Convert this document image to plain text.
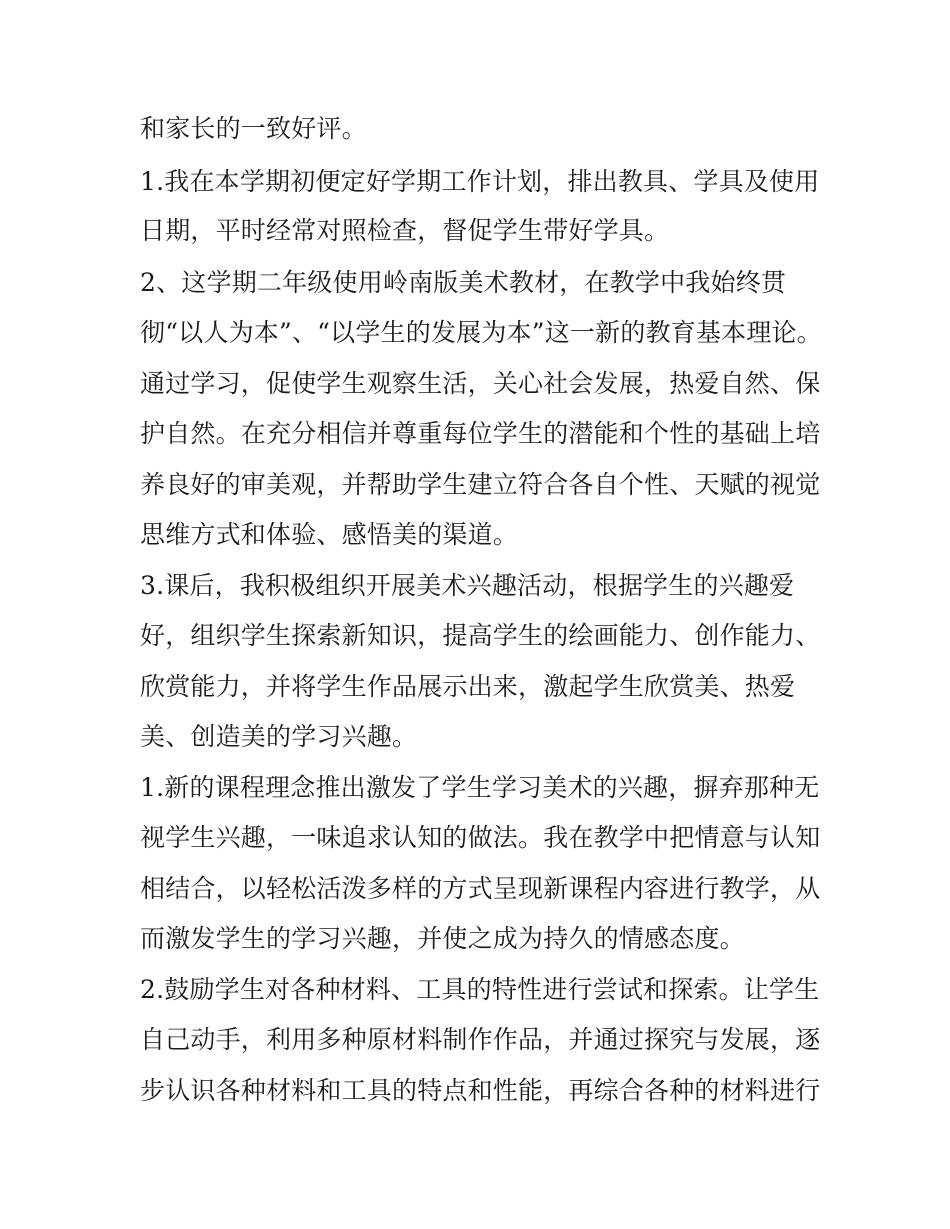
和家长的一致好评。
1.我在本学期初便定好学期工作计划，排出教具、学具及使用
日期，平时经常对照检查，督促学生带好学具。
2、这学期二年级使用岭南版美术教材，在教学中我始终贯
彻“以人为本”、“以学生的发展为本”这一新的教育基本理论。
通过学习，促使学生观察生活，关心社会发展，热爱自然、保
护自然。在充分相信并尊重每位学生的潜能和个性的基础上培
养良好的审美观，并帮助学生建立符合各自个性、天赋的视觉
思维方式和体验、感悟美的渠道。
3.课后，我积极组织开展美术兴趣活动，根据学生的兴趣爱
好，组织学生探索新知识，提高学生的绘画能力、创作能力、
欣赏能力，并将学生作品展示出来，激起学生欣赏美、热爱
美、创造美的学习兴趣。
1.新的课程理念推出激发了学生学习美术的兴趣，摒弃那种无
视学生兴趣，一味追求认知的做法。我在教学中把情意与认知
相结合，以轻松活泼多样的方式呈现新课程内容进行教学，从
而激发学生的学习兴趣，并使之成为持久的情感态度。
2.鼓励学生对各种材料、工具的特性进行尝试和探索。让学生
自己动手，利用多种原材料制作作品，并通过探究与发展，逐
步认识各种材料和工具的特点和性能，再综合各种的材料进行
